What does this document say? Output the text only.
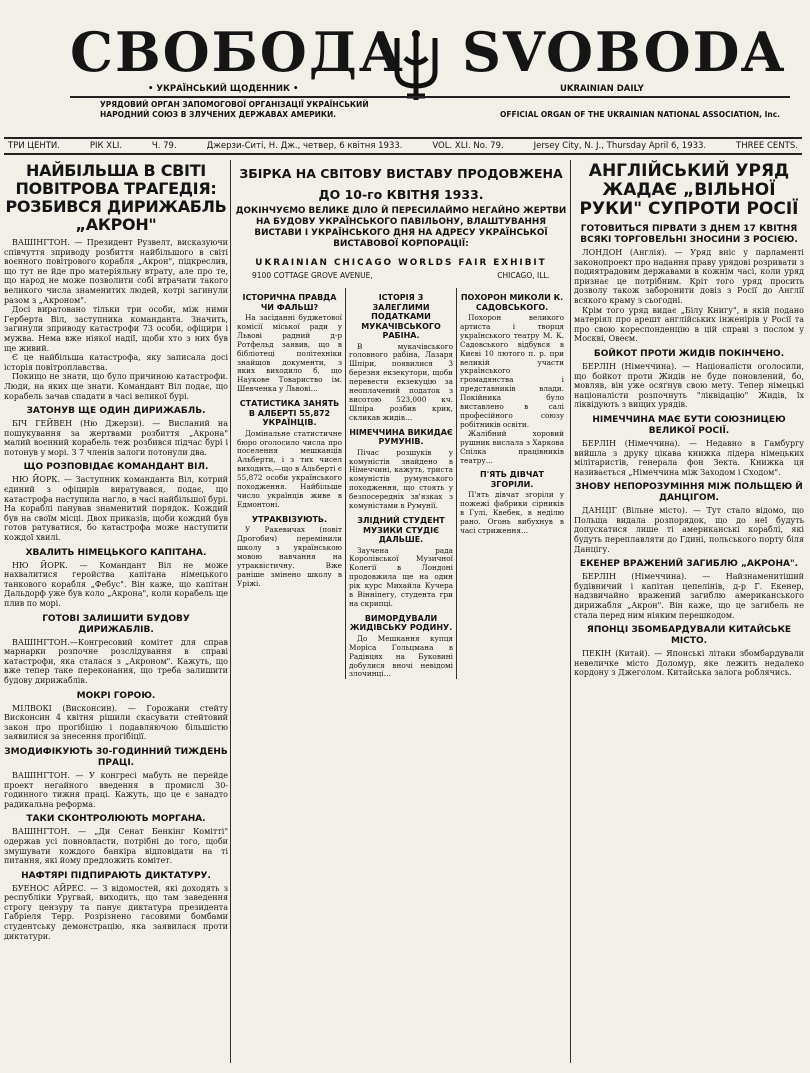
СВОБОДА SVOBODA
• УКРАЇНСЬКИЙ ЩОДЕННИК •	UKRAINIAN DAILY
УРЯДОВИЙ ОРГАН ЗАПОМОГОВОЇ ОРГАНІЗАЦІЇ УКРАЇНСЬКИЙ НАРОДНИЙ СОЮЗ В ЗЛУЧЕНИХ ДЕРЖАВАХ АМЕРИКИ.	OFFICIAL ORGAN OF THE UKRAINIAN NATIONAL ASSOCIATION, Inc.
ТРИ ЦЕНТИ.	РІК XLI.	Ч. 79.	Джерзи-Ситі, Н. Дж., четвер, 6 квітня 1933.	VOL. XLI. No. 79.	Jersey City, N. J., Thursday April 6, 1933.	THREE CENTS.
НАЙБІЛЬША В СВІТІ ПОВІТРОВА ТРАГЕДІЯ: РОЗБИВСЯ ДИРИЖАБЛЬ „АКРОН"

ВАШІНГТОН. — Президент Рузвелт, висказуючи співчуття зприводу розбиття найбільшого в світі воєнного повітрового корабля „Акрон", підкреслив, що тут не йде про матеріяльну втрату, але про те, що народ не може позволити собі втрачати такого великого числа знаменитих людей, котрі загинули разом з „Акроном".

Досі виратовано тільки три особи, між ними Герберта Віл, заступника команданта. Значить, загинули зприводу катастрофи 73 особи, офіцири і мужва. Нема вже ніякої надії, щоби хто з них був ще живий.

Є це найбільша катастрофа, яку записала досі історія повітроплавства.

Покищо не знати, що було причиною катастрофи. Люди, на яких ще знати. Командант Віл подає, що корабель зачав спадати в часі великої бурі.

ЗАТОНУВ ЩЕ ОДИН ДИРИЖАБЛЬ.

БІЧ ГЕЙВЕН (Ню Джерзи). — Висланий на пошукування за жертвами розбиття „Акрона" малий воєнний корабель теж розбився підчас бурі і потонув у морі. З 7 членів залоги потонули два.

ЩО РОЗПОВІДАЄ КОМАНДАНТ ВІЛ.

НЮ ЙОРК. — Заступник команданта Віл, котрий єдиний з офіцирів виратувався, подає, що катастрофа наступила нагло, в часі найбільшої бурі. На кораблі панував знаменитий порядок. Кождий був на своїм місці. Двох приказів, щоби кождий був готов ратуватися, бо катастрофа може наступити кождої хвилі.

ХВАЛИТЬ НІМЕЦЬКОГО КАПІТАНА.

НЮ ЙОРК. — Командант Віл не може нахвалитися геройства капітана німецького танкового корабля „Фебус". Він каже, що капітан Дальдорф уже був коло „Акрона", коли корабель ще плив по морі.

ГОТОВІ ЗАЛИШИТИ БУДОВУ ДИРИЖАБЛІВ.

ВАШІНГТОН.—Конгресовий комітет для справ марнарки розпочне розслідування в справі катастрофи, яка сталася з „Акроном". Кажуть, що вже тепер таке переконання, що треба залишити будову дирижаблів.

МОКРІ ГОРОЮ.

МІЛВОКІ (Висконсин). — Горожани стейту Висконсин 4 квітня рішили скасувати стейтовий закон про прогібіцію і подавляючою більшістю заявилися за знесення прогібіції.

ЗМОДИФІКУЮТЬ 30-ГОДИННИЙ ТИЖДЕНЬ ПРАЦІ.

ВАШІНГТОН. — У конгресі мабуть не перейде проект негайного введення в промислі 30-годинного тижня праці. Кажуть, що це є занадто радикальна реформа.

ТАКИ СКОНТРОЛЮЮТЬ МОРГАНА.

ВАШІНГТОН. — „Ди Сенат Бенкінг Комітті" одержав усі повновласти, потрібні до того, щоби змушувати кождого банкіра відповідати на ті питання, які йому предложить комітет.

НАФТЯРІ ПІДПИРАЮТЬ ДИКТАТУРУ.

БУЕНОС АЙРЕС. — З відомостей, які доходять з республіки Уругвай, виходить, що там заведення строгу цензуру та панує диктатура президента Габріеля Терр. Розрізнено гасовими бомбами студентську демонстрацію, яка заявилася проти диктатури.

ЗБІРКА НА СВІТОВУ ВИСТАВУ ПРОДОВЖЕНА
ДО 10-го КВІТНЯ 1933.
ДОКІНЧУЄМО ВЕЛИКЕ ДІЛО Й ПЕРЕСИЛАЙМО НЕГАЙНО ЖЕРТВИ НА БУДОВУ УКРАЇНСЬКОГО ПАВІЛЬОНУ, ВЛАШТУВАННЯ ВИСТАВИ І УКРАЇНСЬКОГО ДНЯ НА АДРЕСУ УКРАЇНСЬКОЇ ВИСТАВОВОЇ КОРПОРАЦІЇ:
UKRAINIAN CHICAGO WORLDS FAIR EXHIBIT
9100 COTTAGE GROVE AVENUE,	CHICAGO, ILL.
ІСТОРИЧНА ПРАВДА ЧИ ФАЛЬШ?

На засіданні буджетової комісії міської ради у Львові радний д-р Ротфельд заявив, що в бібліотеці політехніки знайшов документи, з яких виходило б, що Наукове Товариство ім. Шевченка у Львові…

СТАТИСТИКА ЗАНЯТЬ В АЛБЕРТІ 55,872 УКРАЇНЦІВ.

Домінальне статистичне бюро оголосило числа про поселення мешканців Альберти, і з тих чисел виходить,—що в Альберті є 55,872 особи українського походження. Найбільше число українців живе в Едмонтоні.

УТРАКВІЗУЮТЬ.

У Ракевичах (повіт Дрогобич) перемінили школу з українською мовою навчання на утраквістичну. Вже раніше змінено школу в Уріжі.

ІСТОРІЯ З ЗАЛЕГЛИМИ ПОДАТКАМИ МУКАЧІВСЬКОГО РАБІНА.

В мукачівського головного рабіна, Лазаря Шпіри, появилися 3 березня екзекутори, щоби перевести екзекуцію за неоплачений податок з висотою 523,000 кч. Шпіра розбив крик, скликав жидів…

НІМЕЧЧИНА ВИКИДАЄ РУМУНІВ.

Пічас розшуків у комуністів знайдено в Німеччині, кажуть, триста комуністів румунського походження, що стоять у безпосередніх зв'язках з комуністами в Румунії.

ЗЛІДНИЙ СТУДЕНТ МУЗИКИ СТУДІЄ ДАЛЬШЕ.

Заучена рада Королівської Музичної Колегії в Лондоні продовжила ще на один рік курс Михайла Кучера в Вінніпегу, студента гри на скрипці.

ВИМОРДУВАЛИ ЖИДІВСЬКУ РОДИНУ.

До Мешкання купця Моріса Гольцмана в Радівцях на Буковині добулися вночі невідомі злочинці…

ПОХОРОН МИКОЛИ К. САДОВСЬКОГО.

Похорон великого артиста і творця українського театру М. К. Садовського відбувся в Києві 10 лютого п. р. при великій участи українського громадянства і представників влади. Покійника було виставлено в салі професійного союзу робітників освіти.

Жалібний хоровий рушник вислала з Харкова Спілка працівників театру…

П'ЯТЬ ДІВЧАТ ЗГОРІЛИ.

П'ять дівчат згоріли у пожежі фабрики сірників в Гулі, Квебек, в неділю рано. Огонь вибухнув в часі стриження…

АНГЛІЙСЬКИЙ УРЯД ЖАДАЄ „ВІЛЬНОЇ РУКИ" СУПРОТИ РОСІЇ
ГОТОВИТЬСЯ ПІРВАТИ З ДНЕМ 17 КВІТНЯ ВСЯКІ ТОРГОВЕЛЬНІ ЗНОСИНИ З РОСІЄЮ.

ЛОНДОН (Англія). — Уряд вніс у парламенті законопроект про надання праву урядові розривати з подиятрадовим державами в кожнім часі, коли уряд признає це потрібним. Кріт того уряд просить дозволу також заборонити довіз з Росії до Англії всякого краму з сьогодні.

Крім того уряд видає „Білу Книгу", в якій подано матеріял про арешт англійських інженірів у Росії та про свою кореспонденцію в цій справі з послом у Москві, Овеєм.

БОЙКОТ ПРОТИ ЖИДІВ ПОКІНЧЕНО.

БЕРЛІН (Німеччина). — Націоналісти оголосили, що бойкот проти Жидів не буде поновлений, бо, мовляв, він уже осягнув свою мету. Тепер німецькі націоналісти розпочнуть "ліквідацію" Жидів, їх ліквідують з вищих урядів.

НІМЕЧЧИНА МАЄ БУТИ СОЮЗНИЦЕЮ ВЕЛИКОЇ РОСІЇ.

БЕРЛІН (Німеччина). — Недавно в Гамбургу вийшла з друку цікава книжка лідера німецьких мілітаристів, генерала фон Зекта. Книжка ця називається „Німеччина між Заходом і Сходом".

ЗНОВУ НЕПОРОЗУМІННЯ МІЖ ПОЛЬЩЕЮ Й ДАНЦІГОМ.

ДАНЦІГ (Вільне місто). — Тут стало відомо, що Польща видала розпорядок, що до неї будуть допускатися лише ті американські кораблі, які будуть переплавляти до Гдині, польського порту біля Данцігу.

ЕКЕНЕР ВРАЖЕНИЙ ЗАГИБЛЮ „АКРОНА".

БЕРЛІН (Німеччина). — Найзнаменитіший будівничий і капітан цепелінів, д-р Г. Екенер, надзвичайно вражений загиблю американського дирижабля „Акрон". Він каже, що це загибель не стала перед ним ніяким перешкодом.

ЯПОНЦІ ЗБОМБАРДУВАЛИ КИТАЙСЬКЕ МІСТО.

ПЕКІН (Китай). — Японські літаки збомбардували невеличке місто Доломур, яке лежить недалеко кордону з Джеголом. Китайська залога роблячись.
